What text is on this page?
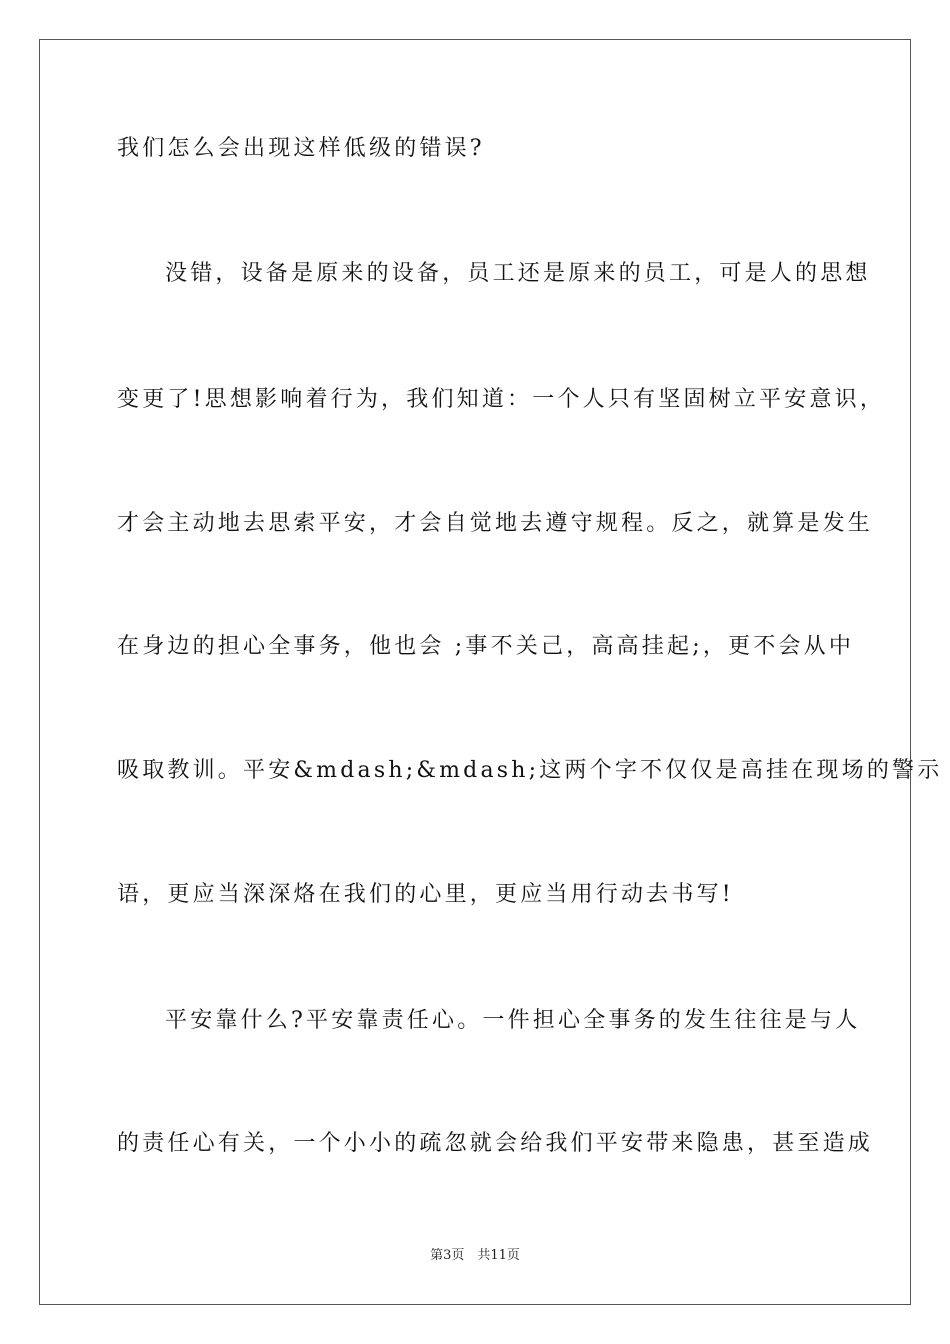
我们怎么会出现这样低级的错误?
没错，设备是原来的设备，员工还是原来的员工，可是人的思想
变更了!思想影响着行为，我们知道：一个人只有坚固树立平安意识，
才会主动地去思索平安，才会自觉地去遵守规程。反之，就算是发生
在身边的担心全事务，他也会 ;事不关己，高高挂起;，更不会从中
吸取教训。平安&mdash;&mdash;这两个字不仅仅是高挂在现场的警示
语，更应当深深烙在我们的心里，更应当用行动去书写!
平安靠什么?平安靠责任心。一件担心全事务的发生往往是与人
的责任心有关，一个小小的疏忽就会给我们平安带来隐患，甚至造成
第3页　共11页
